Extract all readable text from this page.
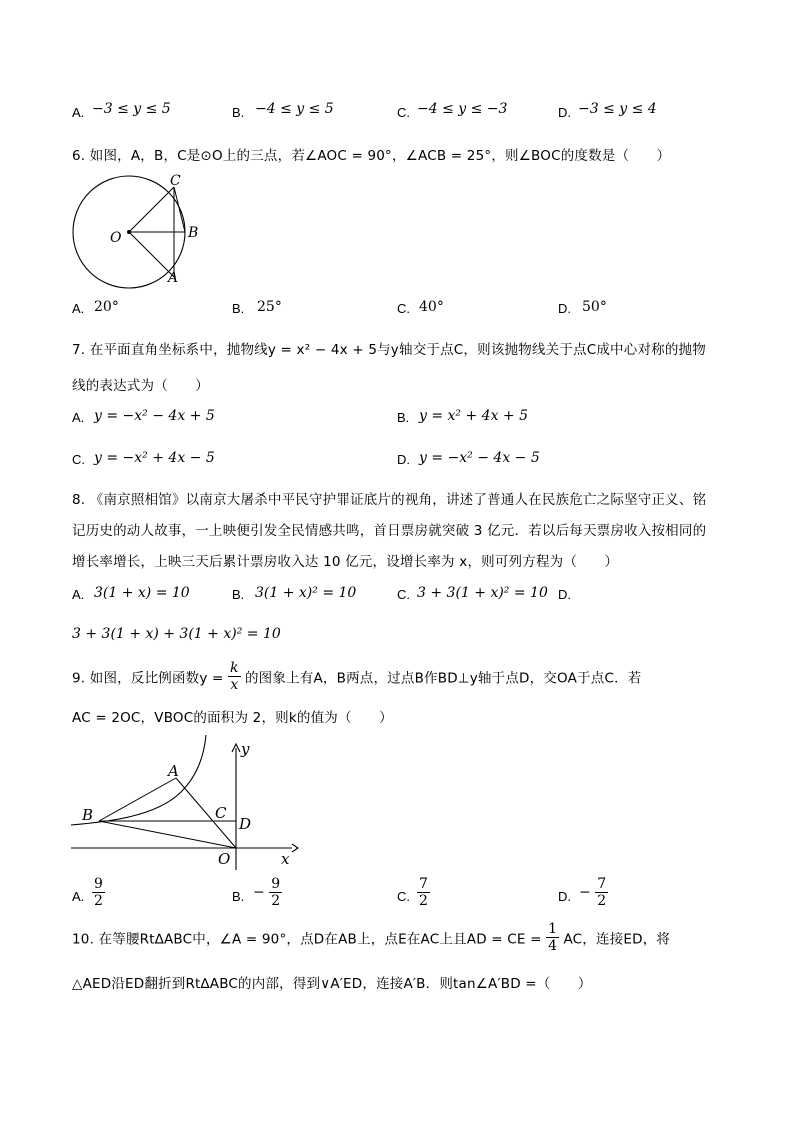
A. −3 ≤ y ≤ 5	B. −4 ≤ y ≤ 5	C. −4 ≤ y ≤ −3	D. −3 ≤ y ≤ 4
6. 如图，A，B，C是⊙O上的三点，若∠AOC = 90°，∠ACB = 25°，则∠BOC的度数是（　　）
C
O	B
A
A. 20°	B. 25°	C. 40°	D. 50°
7. 在平面直角坐标系中，抛物线y = x² − 4x + 5与y轴交于点C，则该抛物线关于点C成中心对称的抛物
线的表达式为（　　）
A. y = −x² − 4x + 5	B. y = x² + 4x + 5
C. y = −x² + 4x − 5	D. y = −x² − 4x − 5
8. 《南京照相馆》以南京大屠杀中平民守护罪证底片的视角，讲述了普通人在民族危亡之际坚守正义、铭
记历史的动人故事，一上映便引发全民情感共鸣，首日票房就突破 3 亿元．若以后每天票房收入按相同的
增长率增长，上映三天后累计票房收入达 10 亿元，设增长率为 x，则可列方程为（　　）
A. 3(1 + x) = 10	B. 3(1 + x)² = 10	C. 3 + 3(1 + x)² = 10 D.
3 + 3(1 + x) + 3(1 + x)² = 10
9. 如图，反比例函数$y = \frac{k}{x}$ 的图象上有A，B两点，过点B作BD⊥y轴于点D，交OA于点C．若
AC = 2OC，VBOC的面积为 2，则k的值为（　　）
y
A
B	C
D
O	x
A. $\frac{9}{2}$	B. − $\frac{9}{2}$	C. $\frac{7}{2}$	D. − $\frac{7}{2}$
10. 在等腰Rt∆ABC中，∠A = 90°，点D在AB上，点E在AC上且AD = CE = $\frac{1}{4}$ AC，连接ED，将
△AED沿ED翻折到Rt∆ABC的内部，得到∨A′ED，连接A′B．则tan∠A′BD =（　　）
